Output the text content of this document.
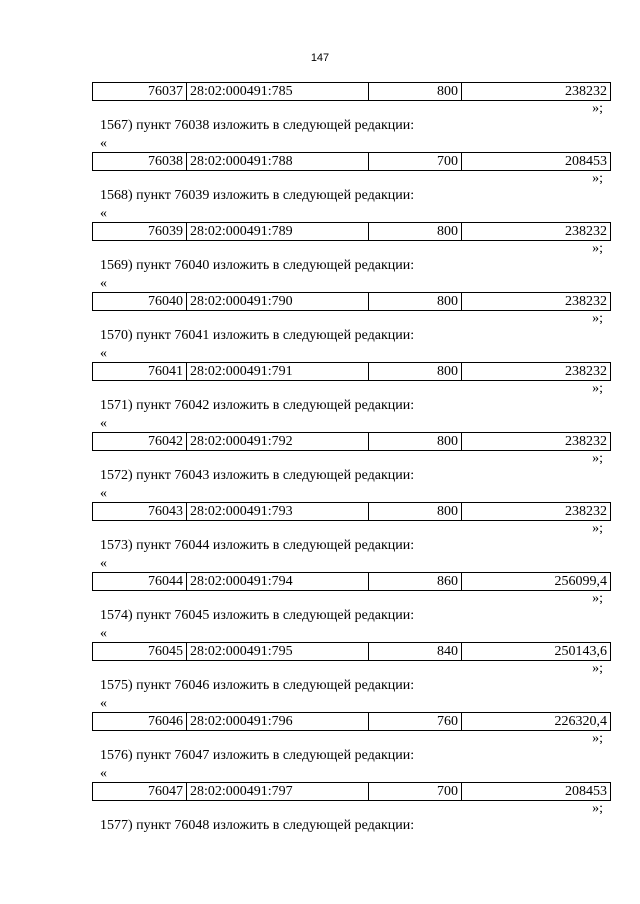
147
76037	28:02:000491:785	800	238232
»;
1567) пункт 76038 изложить в следующей редакции:
«
76038	28:02:000491:788	700	208453
»;
1568) пункт 76039 изложить в следующей редакции:
«
76039	28:02:000491:789	800	238232
»;
1569) пункт 76040 изложить в следующей редакции:
«
76040	28:02:000491:790	800	238232
»;
1570) пункт 76041 изложить в следующей редакции:
«
76041	28:02:000491:791	800	238232
»;
1571) пункт 76042 изложить в следующей редакции:
«
76042	28:02:000491:792	800	238232
»;
1572) пункт 76043 изложить в следующей редакции:
«
76043	28:02:000491:793	800	238232
»;
1573) пункт 76044 изложить в следующей редакции:
«
76044	28:02:000491:794	860	256099,4
»;
1574) пункт 76045 изложить в следующей редакции:
«
76045	28:02:000491:795	840	250143,6
»;
1575) пункт 76046 изложить в следующей редакции:
«
76046	28:02:000491:796	760	226320,4
»;
1576) пункт 76047 изложить в следующей редакции:
«
76047	28:02:000491:797	700	208453
»;
1577) пункт 76048 изложить в следующей редакции:
